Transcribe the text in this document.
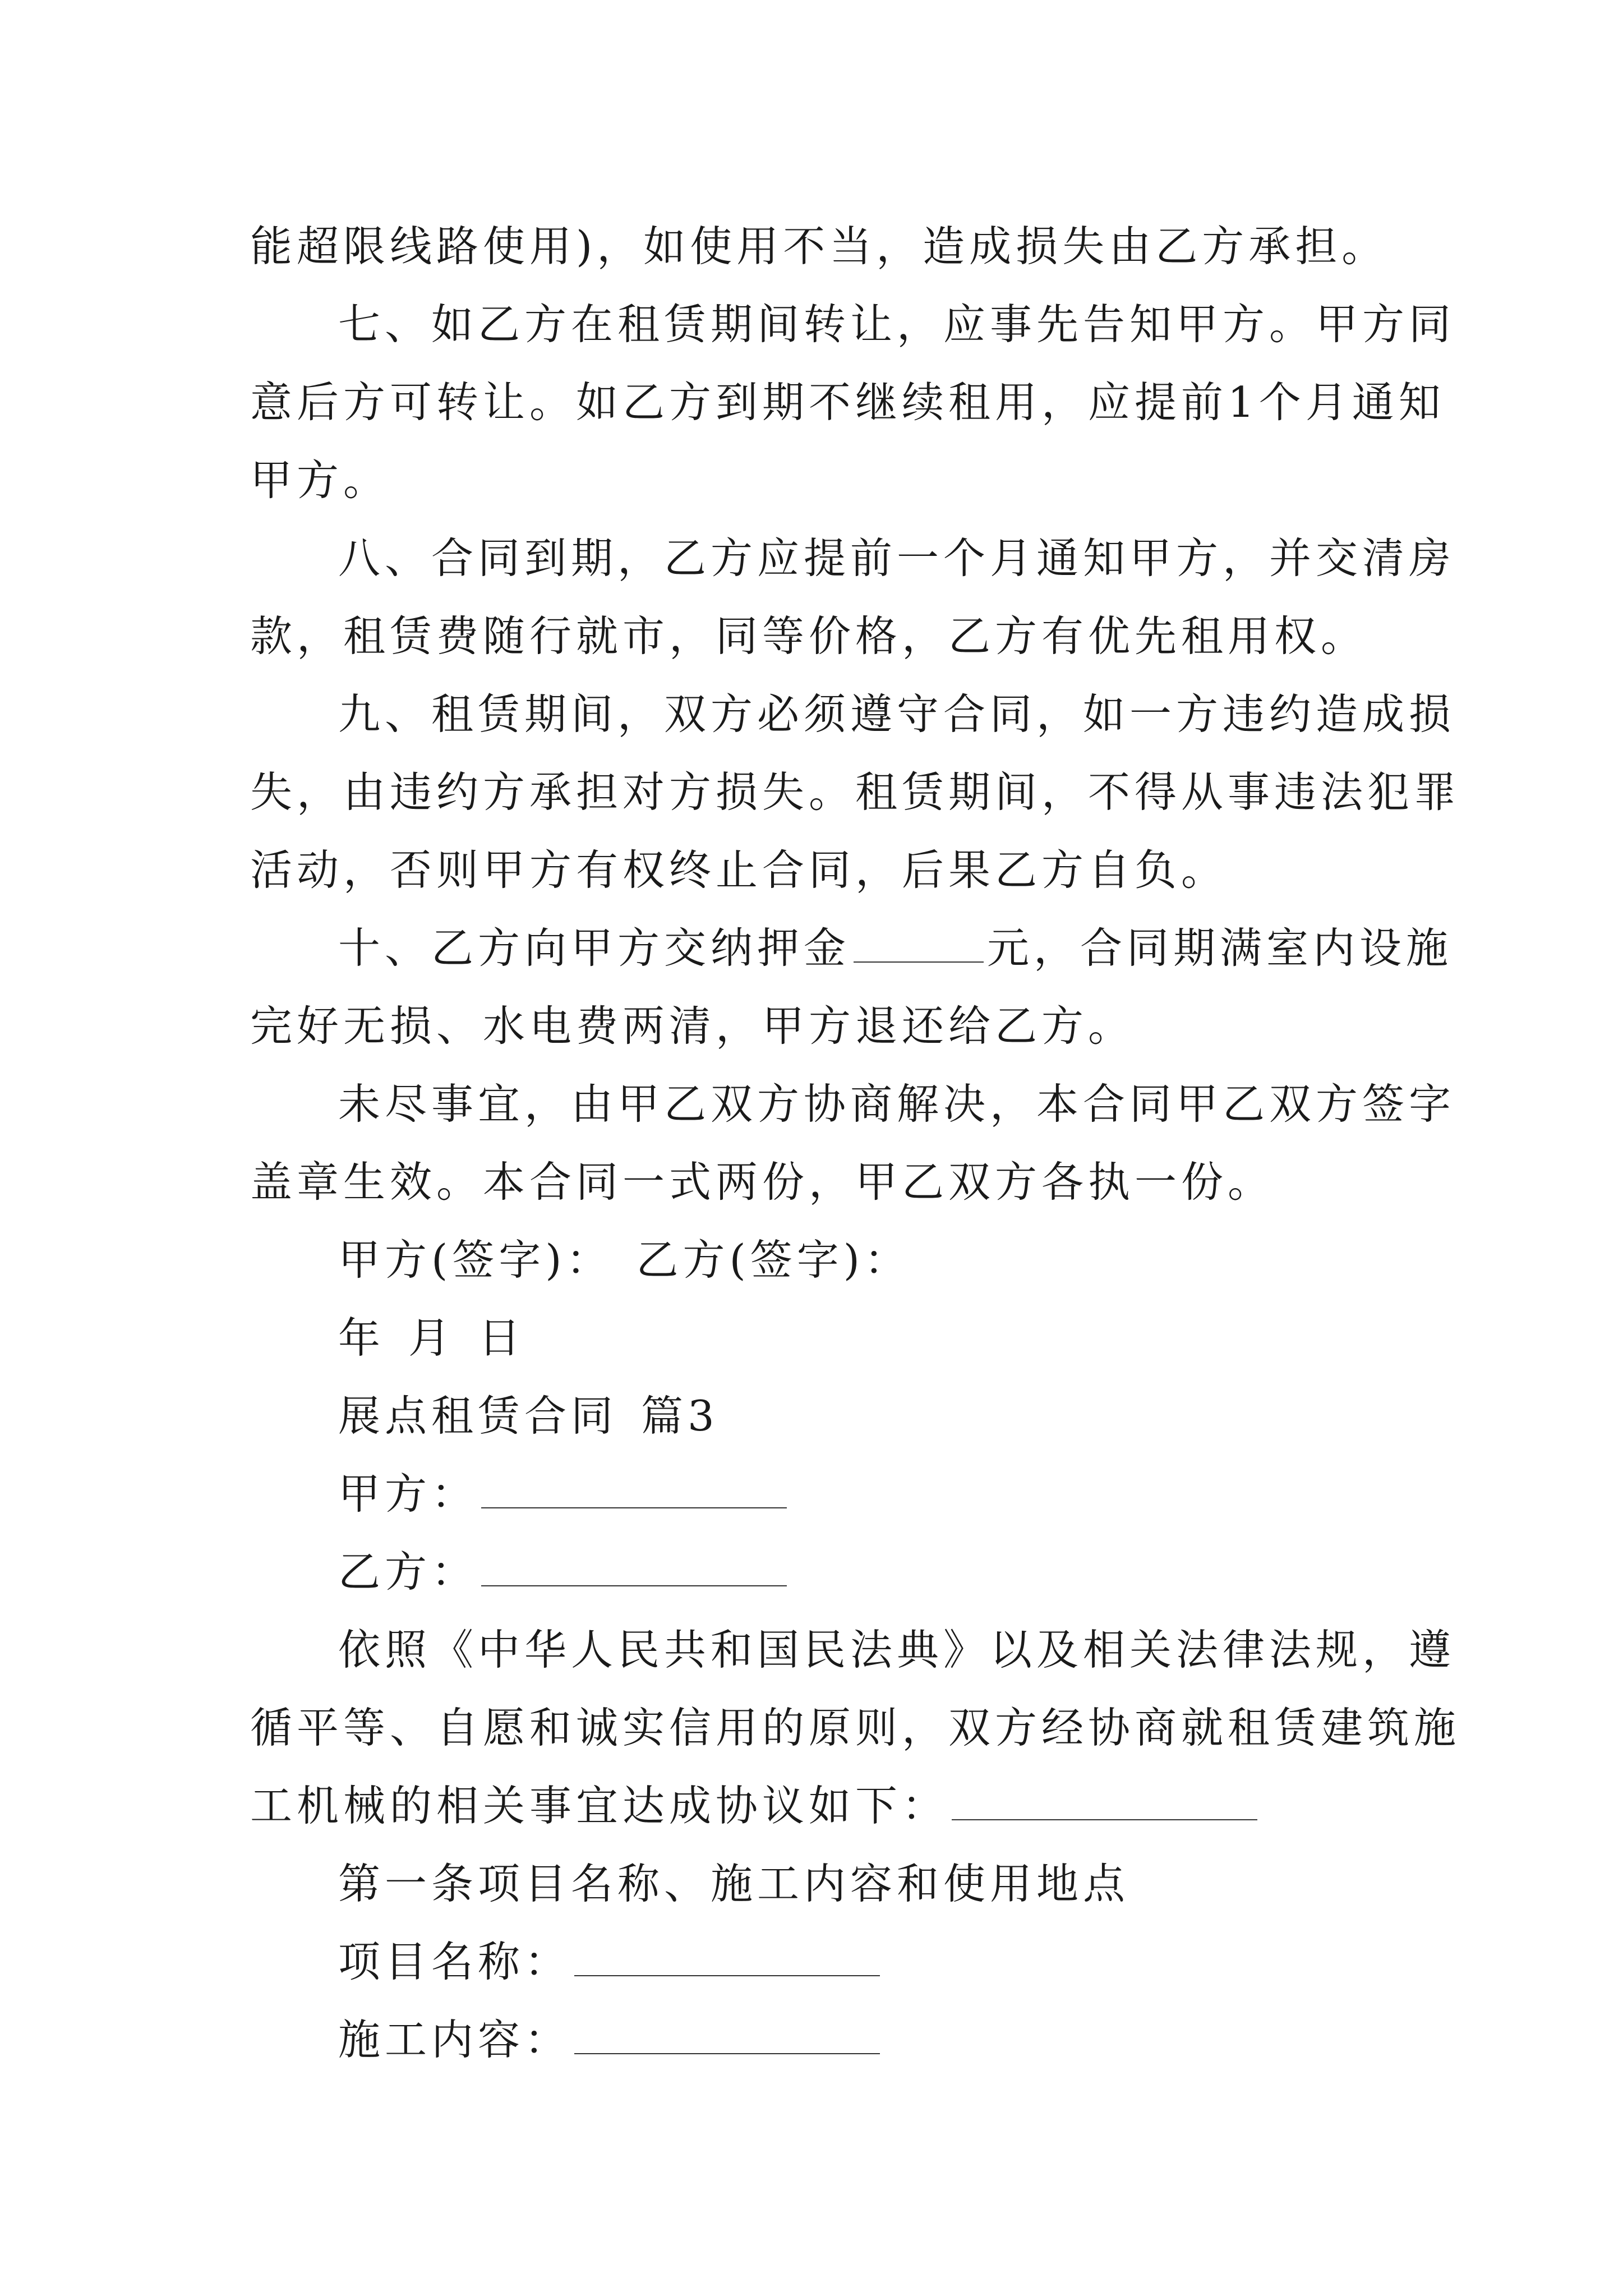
能超限线路使用)，如使用不当，造成损失由乙方承担。
七、如乙方在租赁期间转让，应事先告知甲方。甲方同
意后方可转让。如乙方到期不继续租用，应提前1个月通知
甲方。
八、合同到期，乙方应提前一个月通知甲方，并交清房
款，租赁费随行就市，同等价格，乙方有优先租用权。
九、租赁期间，双方必须遵守合同，如一方违约造成损
失，由违约方承担对方损失。租赁期间，不得从事违法犯罪
活动，否则甲方有权终止合同，后果乙方自负。
十、乙方向甲方交纳押金	元，合同期满室内设施
完好无损、水电费两清，甲方退还给乙方。
未尽事宜，由甲乙双方协商解决，本合同甲乙双方签字
盖章生效。本合同一式两份，甲乙双方各执一份。
甲方(签字)： 乙方(签字)：
年 月 日
展点租赁合同 篇3
甲方：
乙方：
依照《中华人民共和国民法典》以及相关法律法规，遵
循平等、自愿和诚实信用的原则，双方经协商就租赁建筑施
工机械的相关事宜达成协议如下：
第一条项目名称、施工内容和使用地点
项目名称：
施工内容：
